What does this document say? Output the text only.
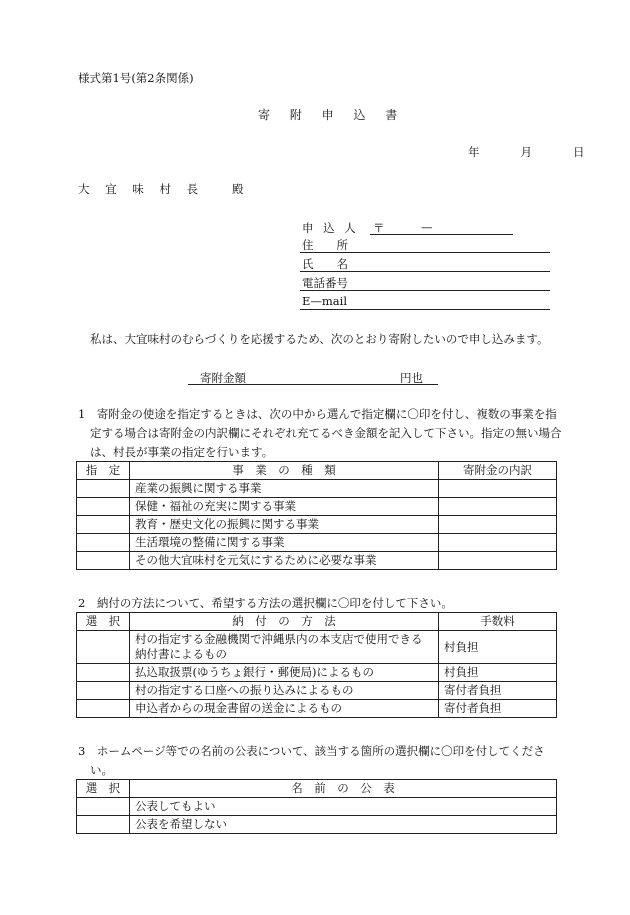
様式第1号(第2条関係)
寄 附 申 込 書
年　　月　　日
大 宜 味 村 長 殿
申 込 人 〒	—
住　　所
氏　　名
電話番号
E—mail
私は、大宜味村のむらづくりを応援するため、次のとおり寄附したいので申し込みます。
寄附金額	円也
1　寄附金の使途を指定するときは、次の中から選んで指定欄に〇印を付し、複数の事業を指定する場合は寄附金の内訳欄にそれぞれ充てるべき金額を記入して下さい。指定の無い場合は、村長が事業の指定を行います。
指　定	事　業　の　種　類	寄附金の内訳
	産業の振興に関する事業	
	保健・福祉の充実に関する事業	
	教育・歴史文化の振興に関する事業	
	生活環境の整備に関する事業	
	その他大宜味村を元気にするために必要な事業	
2　納付の方法について、希望する方法の選択欄に〇印を付して下さい。
選　択	納　付　の　方　法	手数料
	村の指定する金融機関で沖縄県内の本支店で使用できる納付書によるもの	村負担
	払込取扱票(ゆうちょ銀行・郵便局)によるもの	村負担
	村の指定する口座への振り込みによるもの	寄付者負担
	申込者からの現金書留の送金によるもの	寄付者負担
3　ホームページ等での名前の公表について、該当する箇所の選択欄に〇印を付してください。
選　択	名　前　の　公　表
	公表してもよい
	公表を希望しない
